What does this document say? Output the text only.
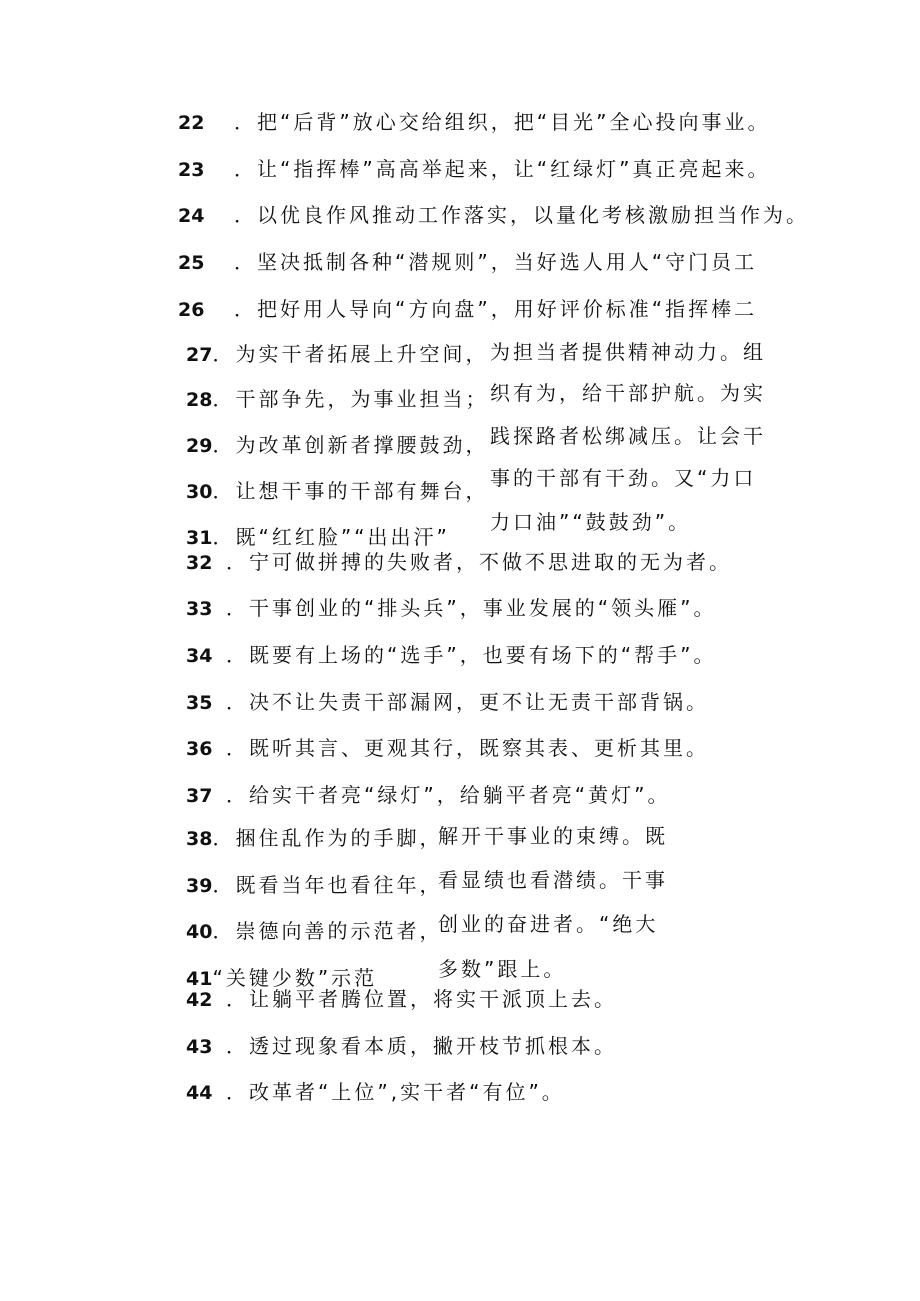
22 ．把“后背”放心交给组织，把“目光”全心投向事业。
23 ．让“指挥棒”高高举起来，让“红绿灯”真正亮起来。
24 ．以优良作风推动工作落实，以量化考核激励担当作为。
25 ．坚决抵制各种“潜规则”，当好选人用人“守门员工
26 ．把好用人导向“方向盘”，用好评价标准“指挥棒二
27．为实干者拓展上升空间，
28．干部争先，为事业担当；
29．为改革创新者撑腰鼓劲，
30．让想干事的干部有舞台，
31．既“红红脸”“出出汗”
为担当者提供精神动力。组
织有为，给干部护航。为实
践探路者松绑减压。让会干
事的干部有干劲。又“力口
力口油”“鼓鼓劲”。
32 ．宁可做拼搏的失败者，不做不思进取的无为者。
33 ．干事创业的“排头兵”，事业发展的“领头雁”。
34 ．既要有上场的“选手”，也要有场下的“帮手”。
35 ．决不让失责干部漏网，更不让无责干部背锅。
36 ．既听其言、更观其行，既察其表、更析其里。
37 ．给实干者亮“绿灯”，给躺平者亮“黄灯”。
38．捆住乱作为的手脚，
39．既看当年也看往年，
40．崇德向善的示范者，
41“关键少数”示范
解开干事业的束缚。既
看显绩也看潜绩。干事
创业的奋进者。“绝大
多数”跟上。
42 ．让躺平者腾位置，将实干派顶上去。
43 ．透过现象看本质，撇开枝节抓根本。
44 ．改革者“上位”,实干者“有位”。
